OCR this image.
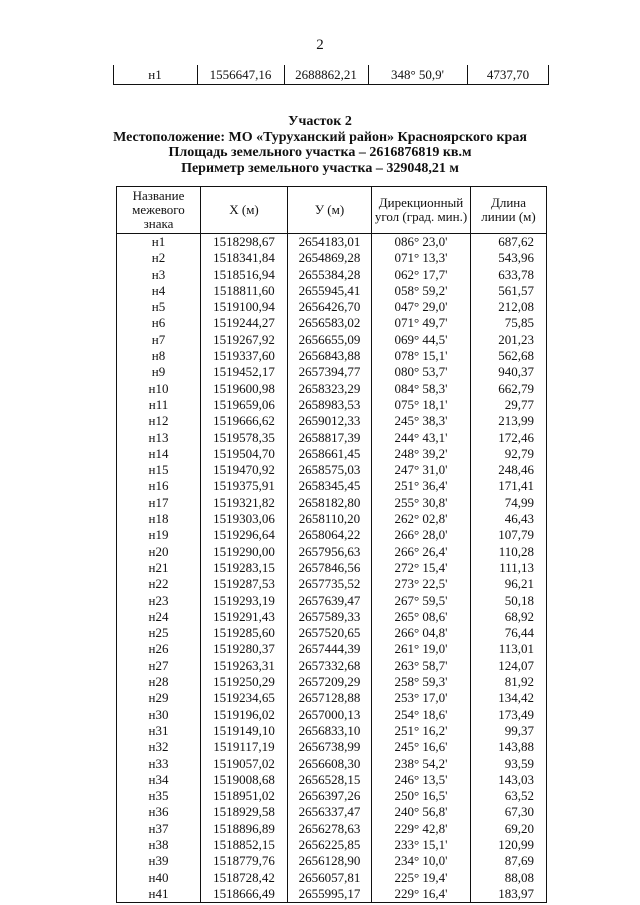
2
н1	1556647,16	2688862,21	348° 50,9'	4737,70
Участок 2
Местоположение: МО «Туруханский район» Красноярского края
Площадь земельного участка – 2616876819 кв.м
Периметр земельного участка – 329048,21 м
Название межевого знака	X (м)	У (м)	Дирекционный угол (град. мин.)	Длина линии (м)
н1	1518298,67	2654183,01	086° 23,0'	687,62
н2	1518341,84	2654869,28	071° 13,3'	543,96
н3	1518516,94	2655384,28	062° 17,7'	633,78
н4	1518811,60	2655945,41	058° 59,2'	561,57
н5	1519100,94	2656426,70	047° 29,0'	212,08
н6	1519244,27	2656583,02	071° 49,7'	75,85
н7	1519267,92	2656655,09	069° 44,5'	201,23
н8	1519337,60	2656843,88	078° 15,1'	562,68
н9	1519452,17	2657394,77	080° 53,7'	940,37
н10	1519600,98	2658323,29	084° 58,3'	662,79
н11	1519659,06	2658983,53	075° 18,1'	29,77
н12	1519666,62	2659012,33	245° 38,3'	213,99
н13	1519578,35	2658817,39	244° 43,1'	172,46
н14	1519504,70	2658661,45	248° 39,2'	92,79
н15	1519470,92	2658575,03	247° 31,0'	248,46
н16	1519375,91	2658345,45	251° 36,4'	171,41
н17	1519321,82	2658182,80	255° 30,8'	74,99
н18	1519303,06	2658110,20	262° 02,8'	46,43
н19	1519296,64	2658064,22	266° 28,0'	107,79
н20	1519290,00	2657956,63	266° 26,4'	110,28
н21	1519283,15	2657846,56	272° 15,4'	111,13
н22	1519287,53	2657735,52	273° 22,5'	96,21
н23	1519293,19	2657639,47	267° 59,5'	50,18
н24	1519291,43	2657589,33	265° 08,6'	68,92
н25	1519285,60	2657520,65	266° 04,8'	76,44
н26	1519280,37	2657444,39	261° 19,0'	113,01
н27	1519263,31	2657332,68	263° 58,7'	124,07
н28	1519250,29	2657209,29	258° 59,3'	81,92
н29	1519234,65	2657128,88	253° 17,0'	134,42
н30	1519196,02	2657000,13	254° 18,6'	173,49
н31	1519149,10	2656833,10	251° 16,2'	99,37
н32	1519117,19	2656738,99	245° 16,6'	143,88
н33	1519057,02	2656608,30	238° 54,2'	93,59
н34	1519008,68	2656528,15	246° 13,5'	143,03
н35	1518951,02	2656397,26	250° 16,5'	63,52
н36	1518929,58	2656337,47	240° 56,8'	67,30
н37	1518896,89	2656278,63	229° 42,8'	69,20
н38	1518852,15	2656225,85	233° 15,1'	120,99
н39	1518779,76	2656128,90	234° 10,0'	87,69
н40	1518728,42	2656057,81	225° 19,4'	88,08
н41	1518666,49	2655995,17	229° 16,4'	183,97
